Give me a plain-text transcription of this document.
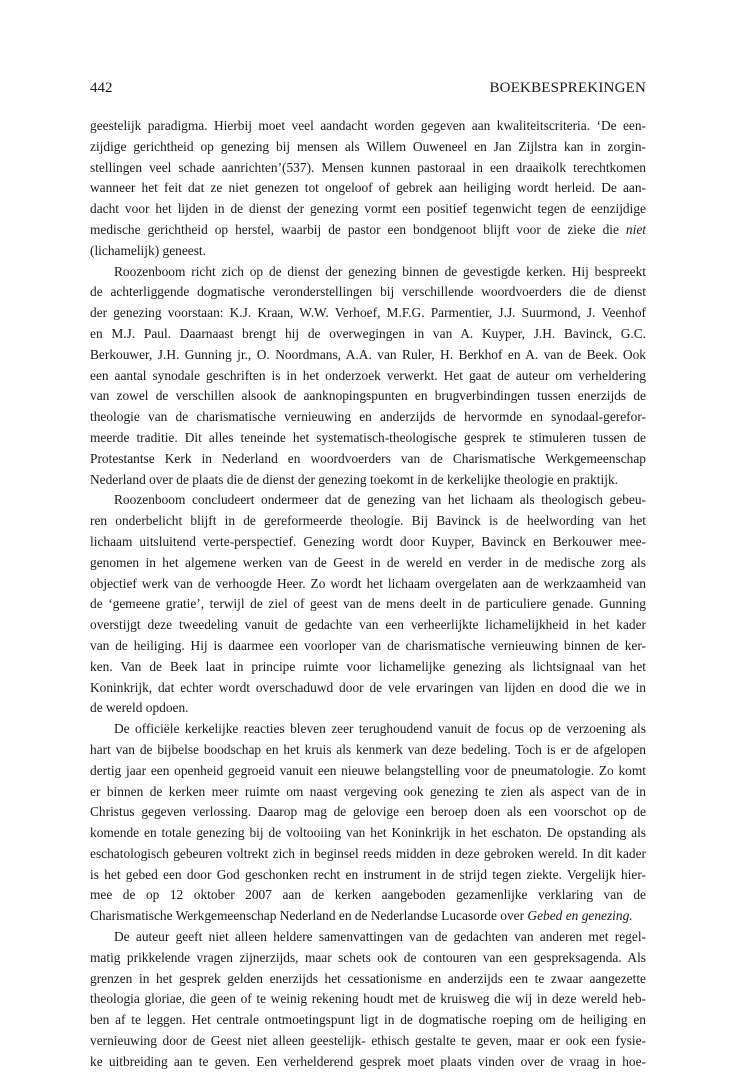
442	BOEKBESPREKINGEN
geestelijk paradigma. Hierbij moet veel aandacht worden gegeven aan kwaliteitscriteria. ‘De een-
zijdige gerichtheid op genezing bij mensen als Willem Ouweneel en Jan Zijlstra kan in zorgin-
stellingen veel schade aanrichten’(537). Mensen kunnen pastoraal in een draaikolk terechtkomen
wanneer het feit dat ze niet genezen tot ongeloof of gebrek aan heiliging wordt herleid. De aan-
dacht voor het lijden in de dienst der genezing vormt een positief tegenwicht tegen de eenzijdige
medische gerichtheid op herstel, waarbij de pastor een bondgenoot blijft voor de zieke die niet
(lichamelijk) geneest.
Roozenboom richt zich op de dienst der genezing binnen de gevestigde kerken. Hij bespreekt
de achterliggende dogmatische veronderstellingen bij verschillende woordvoerders die de dienst
der genezing voorstaan: K.J. Kraan, W.W. Verhoef, M.F.G. Parmentier, J.J. Suurmond, J. Veenhof
en M.J. Paul. Daarnaast brengt hij de overwegingen in van A. Kuyper, J.H. Bavinck, G.C.
Berkouwer, J.H. Gunning jr., O. Noordmans, A.A. van Ruler, H. Berkhof en A. van de Beek. Ook
een aantal synodale geschriften is in het onderzoek verwerkt. Het gaat de auteur om verheldering
van zowel de verschillen alsook de aanknopingspunten en brugverbindingen tussen enerzijds de
theologie van de charismatische vernieuwing en anderzijds de hervormde en synodaal-gerefor-
meerde traditie. Dit alles teneinde het systematisch-theologische gesprek te stimuleren tussen de
Protestantse Kerk in Nederland en woordvoerders van de Charismatische Werkgemeenschap
Nederland over de plaats die de dienst der genezing toekomt in de kerkelijke theologie en praktijk.
Roozenboom concludeert ondermeer dat de genezing van het lichaam als theologisch gebeu-
ren onderbelicht blijft in de gereformeerde theologie. Bij Bavinck is de heelwording van het
lichaam uitsluitend verte-perspectief. Genezing wordt door Kuyper, Bavinck en Berkouwer mee-
genomen in het algemene werken van de Geest in de wereld en verder in de medische zorg als
objectief werk van de verhoogde Heer. Zo wordt het lichaam overgelaten aan de werkzaamheid van
de ‘gemeene gratie’, terwijl de ziel of geest van de mens deelt in de particuliere genade. Gunning
overstijgt deze tweedeling vanuit de gedachte van een verheerlijkte lichamelijkheid in het kader
van de heiliging. Hij is daarmee een voorloper van de charismatische vernieuwing binnen de ker-
ken. Van de Beek laat in principe ruimte voor lichamelijke genezing als lichtsignaal van het
Koninkrijk, dat echter wordt overschaduwd door de vele ervaringen van lijden en dood die we in
de wereld opdoen.
De officiële kerkelijke reacties bleven zeer terughoudend vanuit de focus op de verzoening als
hart van de bijbelse boodschap en het kruis als kenmerk van deze bedeling. Toch is er de afgelopen
dertig jaar een openheid gegroeid vanuit een nieuwe belangstelling voor de pneumatologie. Zo komt
er binnen de kerken meer ruimte om naast vergeving ook genezing te zien als aspect van de in
Christus gegeven verlossing. Daarop mag de gelovige een beroep doen als een voorschot op de
komende en totale genezing bij de voltooiing van het Koninkrijk in het eschaton. De opstanding als
eschatologisch gebeuren voltrekt zich in beginsel reeds midden in deze gebroken wereld. In dit kader
is het gebed een door God geschonken recht en instrument in de strijd tegen ziekte. Vergelijk hier-
mee de op 12 oktober 2007 aan de kerken aangeboden gezamenlijke verklaring van de
Charismatische Werkgemeenschap Nederland en de Nederlandse Lucasorde over Gebed en genezing.
De auteur geeft niet alleen heldere samenvattingen van de gedachten van anderen met regel-
matig prikkelende vragen zijnerzijds, maar schets ook de contouren van een gespreksagenda. Als
grenzen in het gesprek gelden enerzijds het cessationisme en anderzijds een te zwaar aangezette
theologia gloriae, die geen of te weinig rekening houdt met de kruisweg die wij in deze wereld heb-
ben af te leggen. Het centrale ontmoetingspunt ligt in de dogmatische roeping om de heiliging en
vernieuwing door de Geest niet alleen geestelijk- ethisch gestalte te geven, maar er ook een fysie-
ke uitbreiding aan te geven. Een verhelderend gesprek moet plaats vinden over de vraag in hoe-
